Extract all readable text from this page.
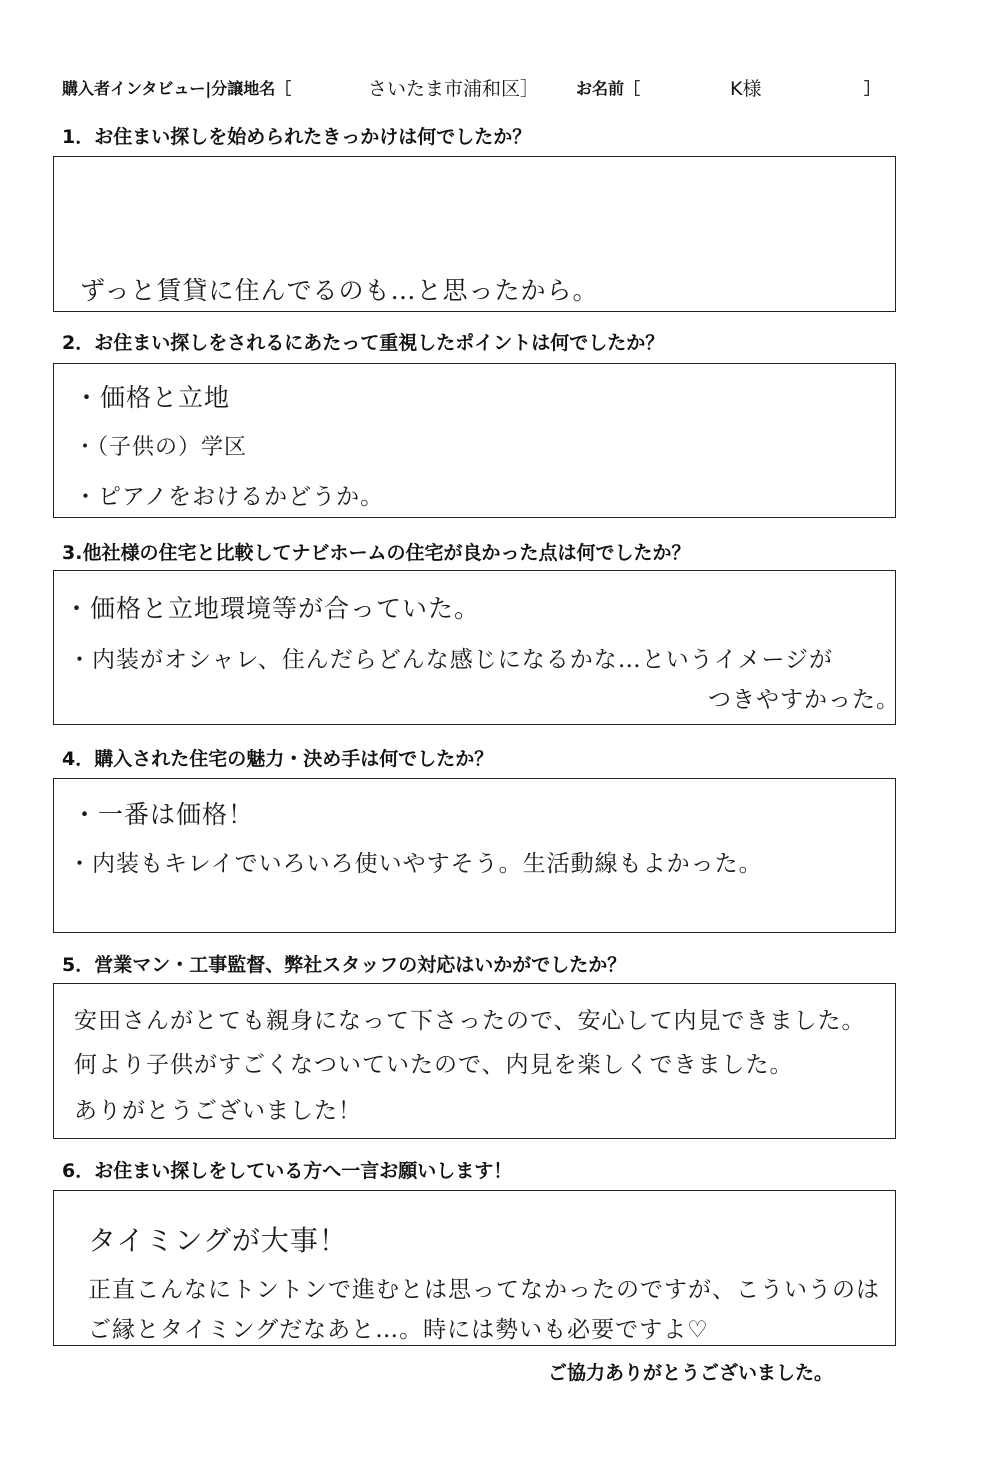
購入者インタビュー|分譲地名［	さいたま市浦和区］ お名前［	K様	］
1．お住まい探しを始められたきっかけは何でしたか？
ずっと賃貸に住んでるのも…と思ったから。
2．お住まい探しをされるにあたって重視したポイントは何でしたか？
・価格と立地
・（子供の）学区
・ピアノをおけるかどうか。
3.他社様の住宅と比較してナビホームの住宅が良かった点は何でしたか？
・価格と立地環境等が合っていた。
・内装がオシャレ、住んだらどんな感じになるかな…というイメージが
つきやすかった。
4．購入された住宅の魅力・決め手は何でしたか？
・一番は価格！
・内装もキレイでいろいろ使いやすそう。生活動線もよかった。
5．営業マン・工事監督、弊社スタッフの対応はいかがでしたか？
安田さんがとても親身になって下さったので、安心して内見できました。
何より子供がすごくなついていたので、内見を楽しくできました。
ありがとうございました！
6．お住まい探しをしている方へ一言お願いします！
タイミングが大事！
正直こんなにトントンで進むとは思ってなかったのですが、こういうのは
ご縁とタイミングだなあと…。時には勢いも必要ですよ♡
ご協力ありがとうございました。
